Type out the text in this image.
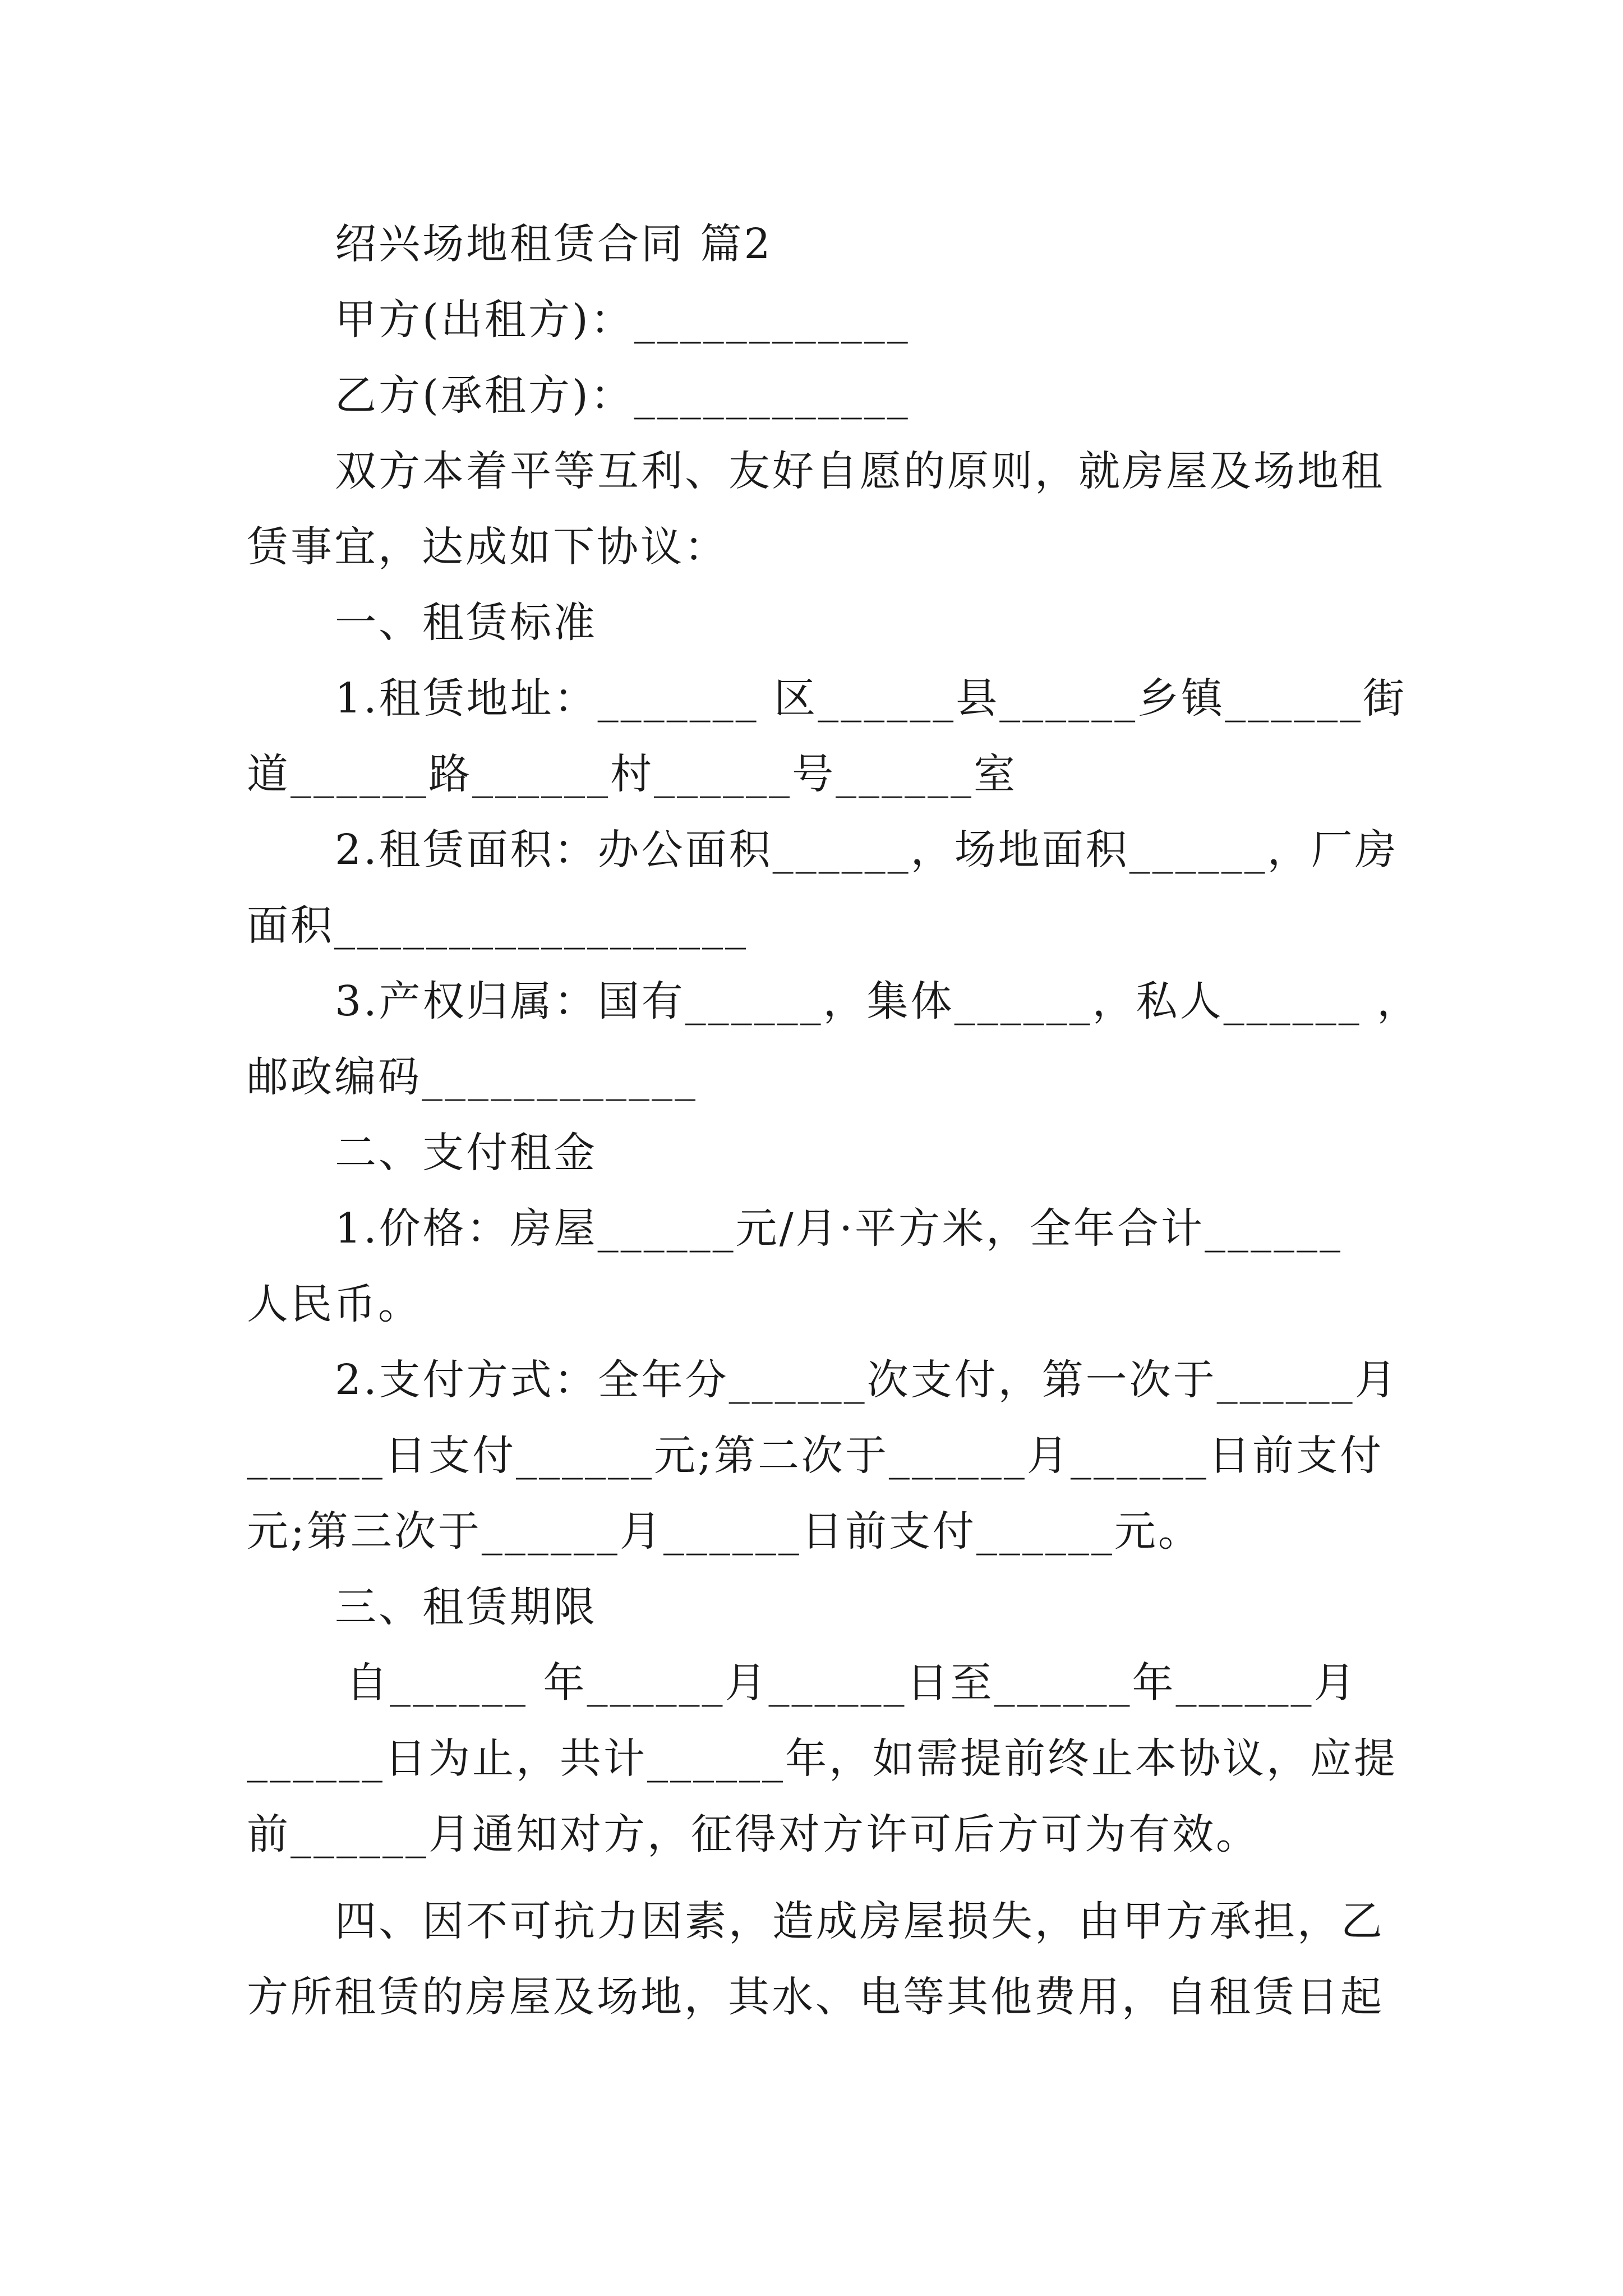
绍兴场地租赁合同 篇2
甲方(出租方)：____________
乙方(承租方)：____________
双方本着平等互利、友好自愿的原则，就房屋及场地租
赁事宜，达成如下协议：
一、租赁标准
1.租赁地址：_______ 区______县______乡镇______街
道______路______村______号______室
2.租赁面积：办公面积______，场地面积______，厂房
面积__________________
3.产权归属：国有______，集体______，私人______ ，
邮政编码____________
二、支付租金
1.价格：房屋______元/月·平方米，全年合计______
人民币。
2.支付方式：全年分______次支付，第一次于______月
______日支付______元;第二次于______月______日前支付
元;第三次于______月______日前支付______元。
三、租赁期限
自______ 年______月______日至______年______月
______日为止，共计______年，如需提前终止本协议，应提
前______月通知对方，征得对方许可后方可为有效。
四、因不可抗力因素，造成房屋损失，由甲方承担，乙
方所租赁的房屋及场地，其水、电等其他费用，自租赁日起
